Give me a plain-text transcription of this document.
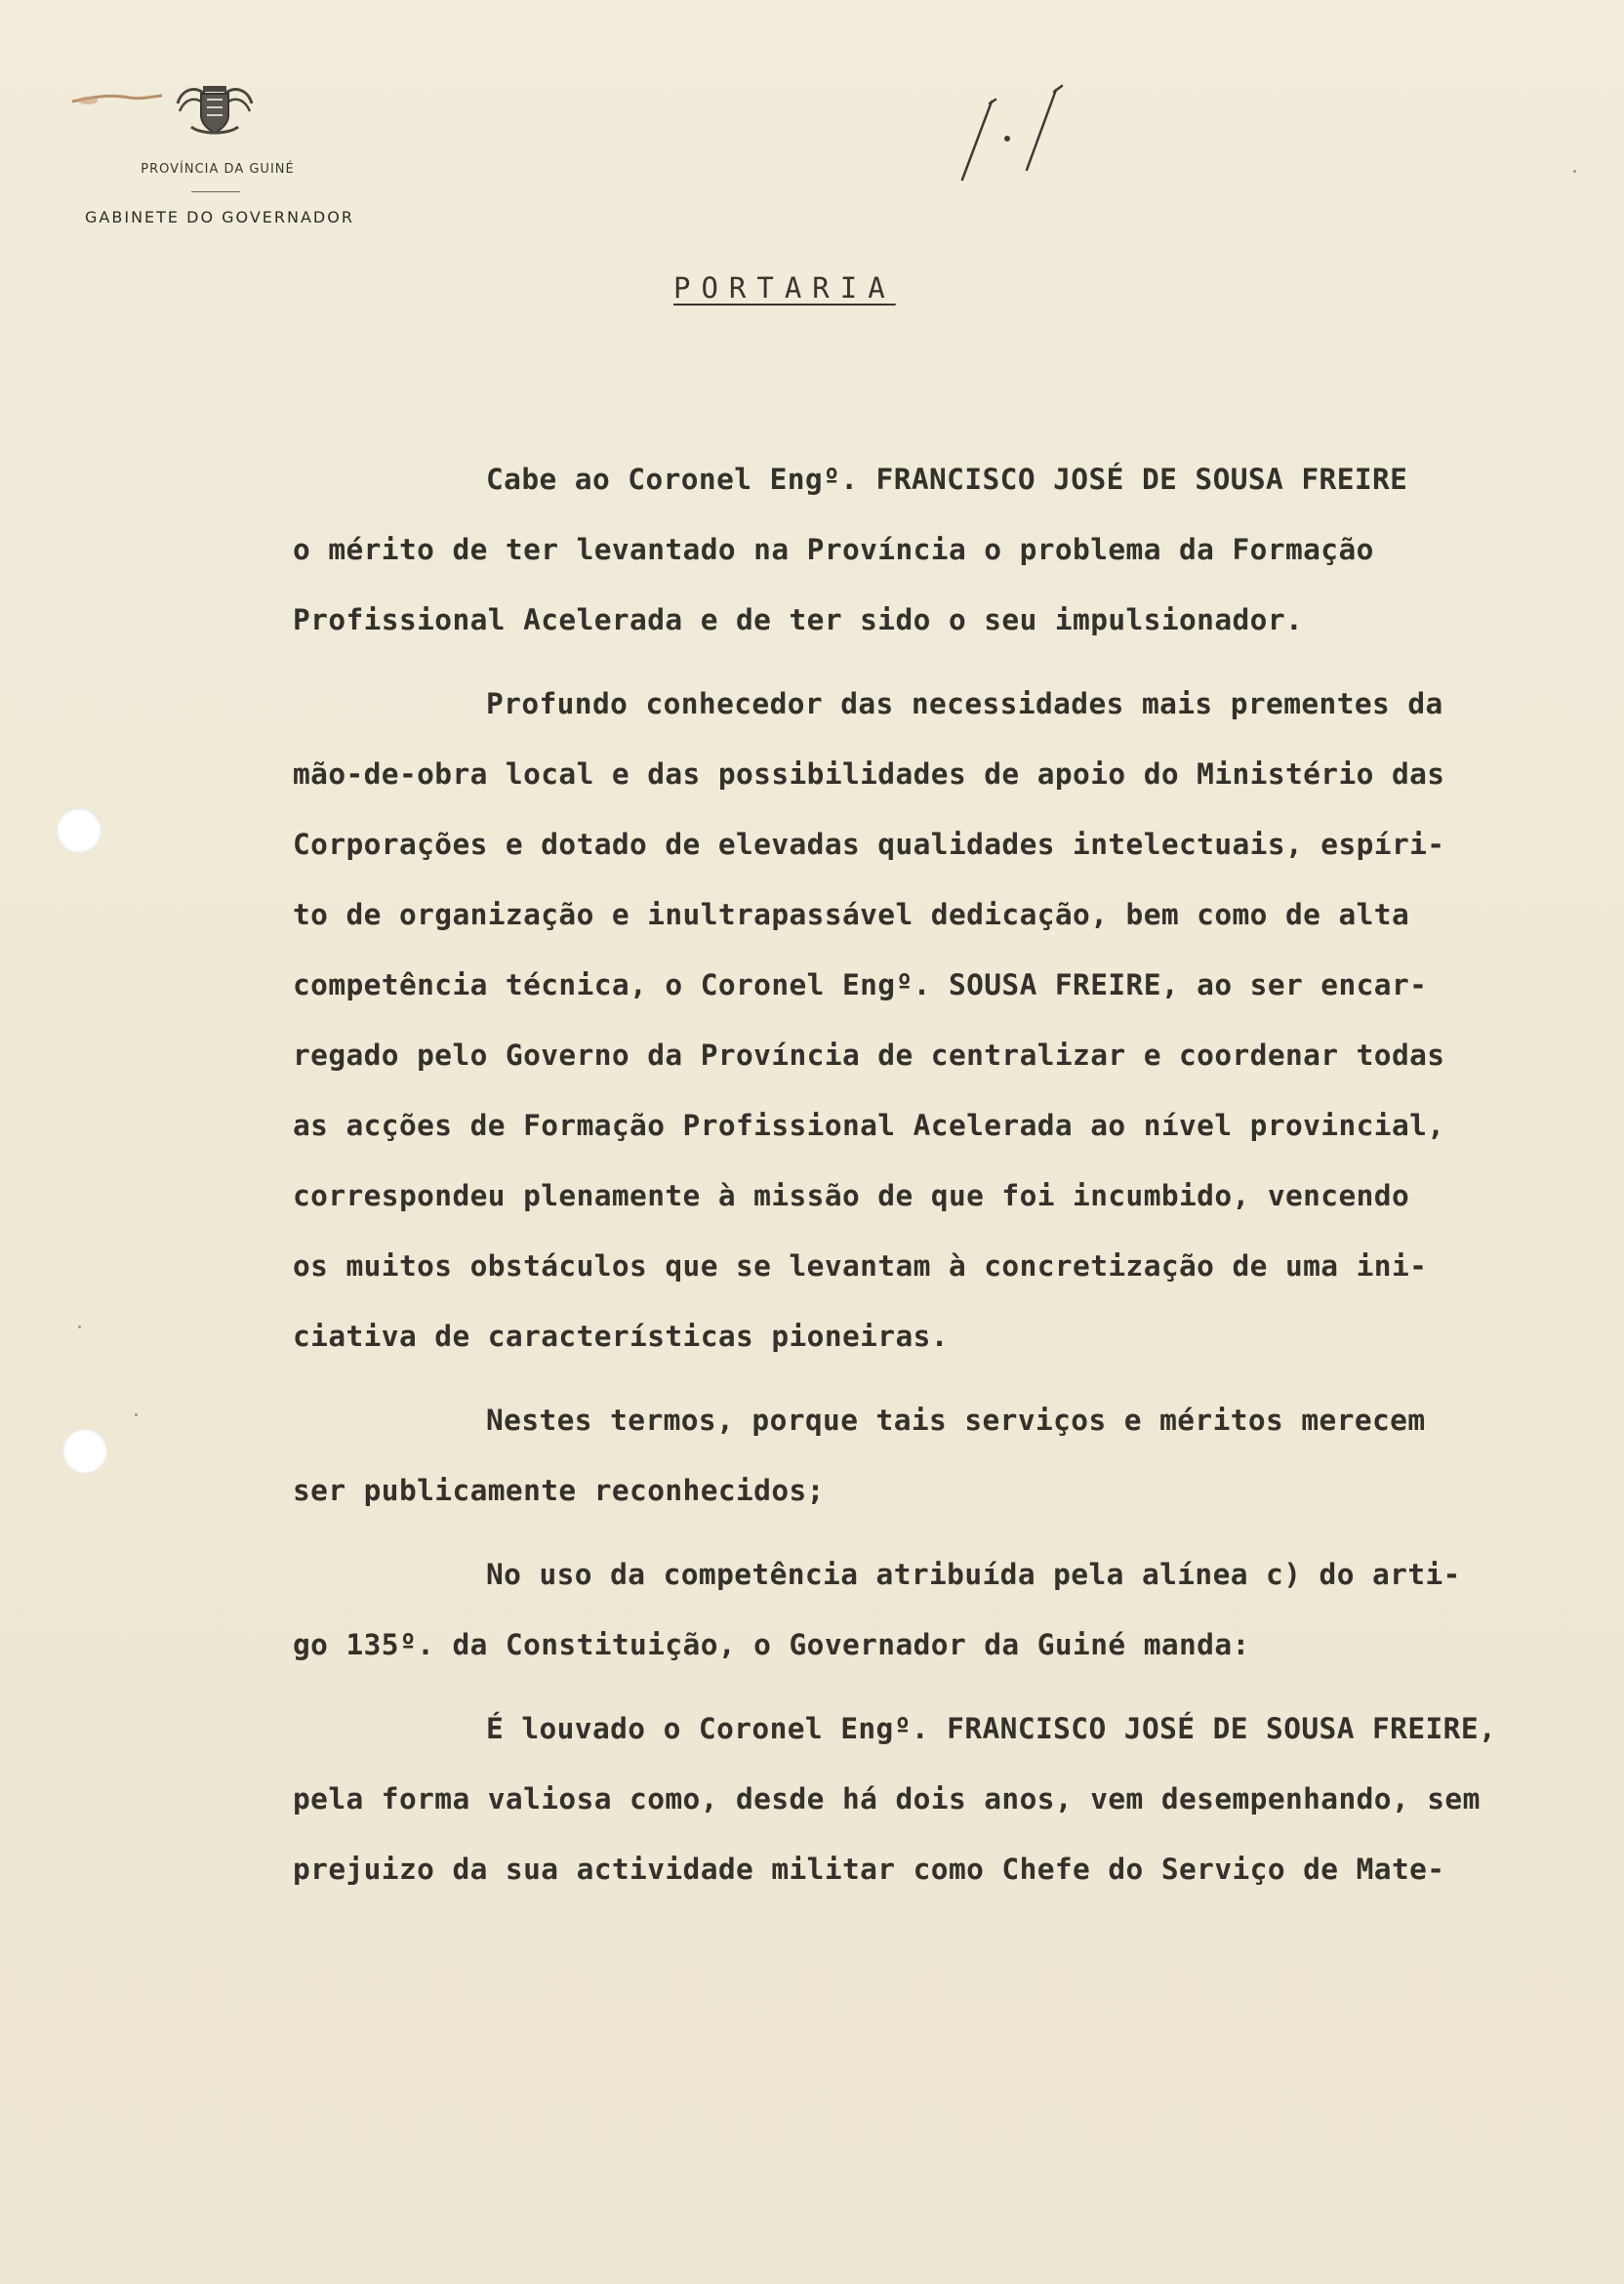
PROVÍNCIA DA GUINÉ
GABINETE DO GOVERNADOR
PORTARIA
Cabe ao Coronel Engº. FRANCISCO JOSÉ DE SOUSA FREIRE
o mérito de ter levantado na Província o problema da Formação
Profissional Acelerada e de ter sido o seu impulsionador.
Profundo conhecedor das necessidades mais prementes da
mão-de-obra local e das possibilidades de apoio do Ministério das
Corporações e dotado de elevadas qualidades intelectuais, espíri-
to de organização e inultrapassável dedicação, bem como de alta
competência técnica, o Coronel Engº. SOUSA FREIRE, ao ser encar-
regado pelo Governo da Província de centralizar e coordenar todas
as acções de Formação Profissional Acelerada ao nível provincial,
correspondeu plenamente à missão de que foi incumbido, vencendo
os muitos obstáculos que se levantam à concretização de uma ini-
ciativa de características pioneiras.
Nestes termos, porque tais serviços e méritos merecem
ser publicamente reconhecidos;
No uso da competência atribuída pela alínea c) do arti-
go 135º. da Constituição, o Governador da Guiné manda:
É louvado o Coronel Engº. FRANCISCO JOSÉ DE SOUSA FREIRE,
pela forma valiosa como, desde há dois anos, vem desempenhando, sem
prejuizo da sua actividade militar como Chefe do Serviço de Mate-
